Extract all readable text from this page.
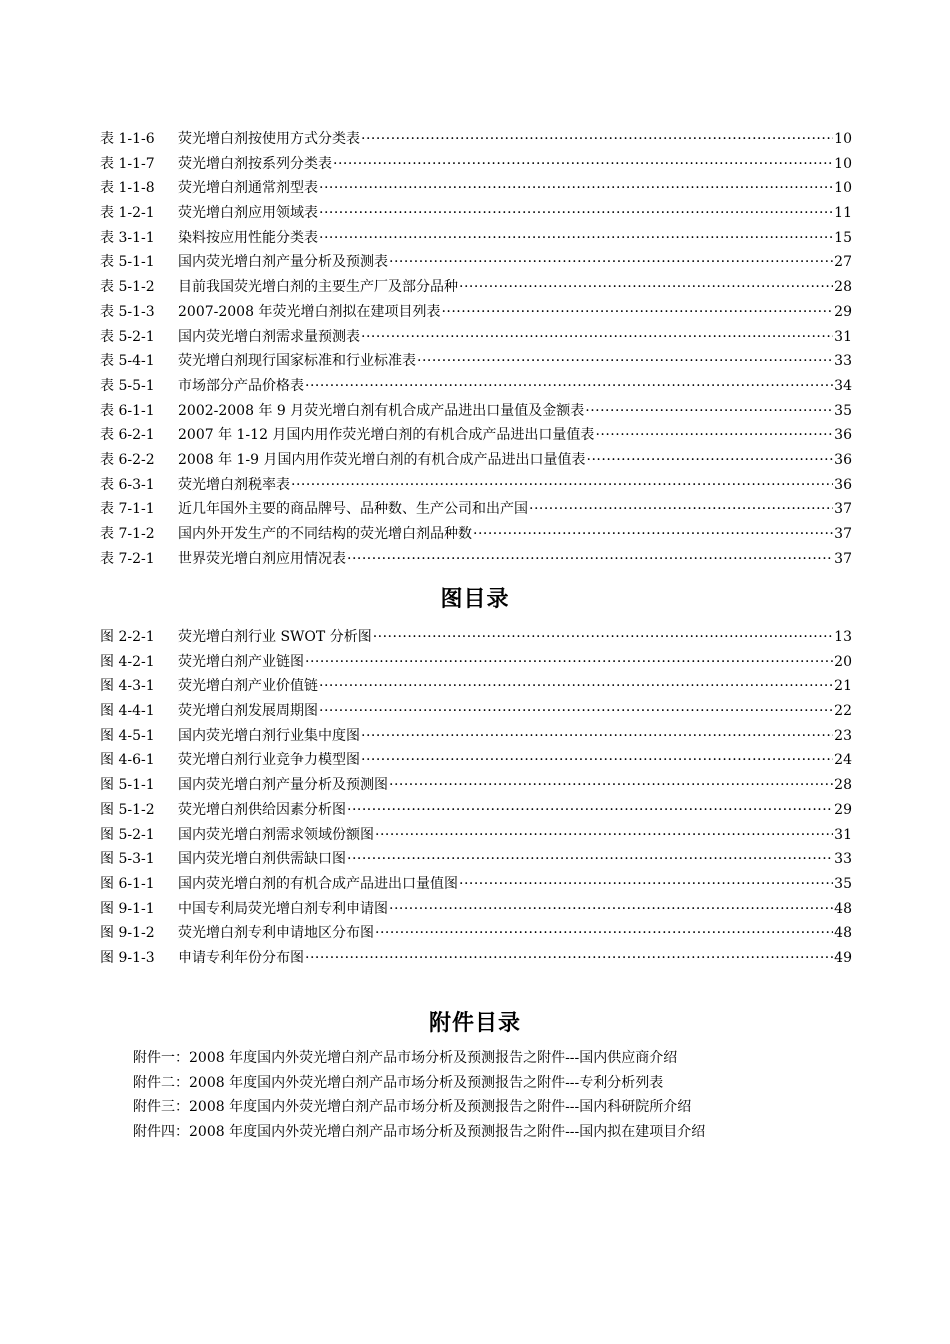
表 1-1-6	荧光增白剂按使用方式分类表 ·····	10
表 1-1-7	荧光增白剂按系列分类表 ·····	10
表 1-1-8	荧光增白剂通常剂型表 ·····	10
表 1-2-1	荧光增白剂应用领域表 ·····	11
表 3-1-1	染料按应用性能分类表 ·····	15
表 5-1-1	国内荧光增白剂产量分析及预测表 ·····	27
表 5-1-2	目前我国荧光增白剂的主要生产厂及部分品种 ·····	28
表 5-1-3	2007-2008 年荧光增白剂拟在建项目列表 ·····	29
表 5-2-1	国内荧光增白剂需求量预测表 ·····	31
表 5-4-1	荧光增白剂现行国家标准和行业标准表 ·····	33
表 5-5-1	市场部分产品价格表 ·····	34
表 6-1-1	2002-2008 年 9 月荧光增白剂有机合成产品进出口量值及金额表 ·····	35
表 6-2-1	2007 年 1-12 月国内用作荧光增白剂的有机合成产品进出口量值表 ·····	36
表 6-2-2	2008 年 1-9 月国内用作荧光增白剂的有机合成产品进出口量值表 ·····	36
表 6-3-1	荧光增白剂税率表 ·····	36
表 7-1-1	近几年国外主要的商品牌号、品种数、生产公司和出产国 ·····	37
表 7-1-2	国内外开发生产的不同结构的荧光增白剂品种数 ·····	37
表 7-2-1	世界荧光增白剂应用情况表 ·····	37
图目录
图 2-2-1	荧光增白剂行业 SWOT 分析图 ·····	13
图 4-2-1	荧光增白剂产业链图 ·····	20
图 4-3-1	荧光增白剂产业价值链 ·····	21
图 4-4-1	荧光增白剂发展周期图 ·····	22
图 4-5-1	国内荧光增白剂行业集中度图 ·····	23
图 4-6-1	荧光增白剂行业竞争力模型图 ·····	24
图 5-1-1	国内荧光增白剂产量分析及预测图 ·····	28
图 5-1-2	荧光增白剂供给因素分析图 ·····	29
图 5-2-1	国内荧光增白剂需求领域份额图 ·····	31
图 5-3-1	国内荧光增白剂供需缺口图 ·····	33
图 6-1-1	国内荧光增白剂的有机合成产品进出口量值图 ·····	35
图 9-1-1	中国专利局荧光增白剂专利申请图 ·····	48
图 9-1-2	荧光增白剂专利申请地区分布图 ·····	48
图 9-1-3	申请专利年份分布图 ·····	49
附件目录
附件一：2008 年度国内外荧光增白剂产品市场分析及预测报告之附件---国内供应商介绍
附件二：2008 年度国内外荧光增白剂产品市场分析及预测报告之附件---专利分析列表
附件三：2008 年度国内外荧光增白剂产品市场分析及预测报告之附件---国内科研院所介绍
附件四：2008 年度国内外荧光增白剂产品市场分析及预测报告之附件---国内拟在建项目介绍
